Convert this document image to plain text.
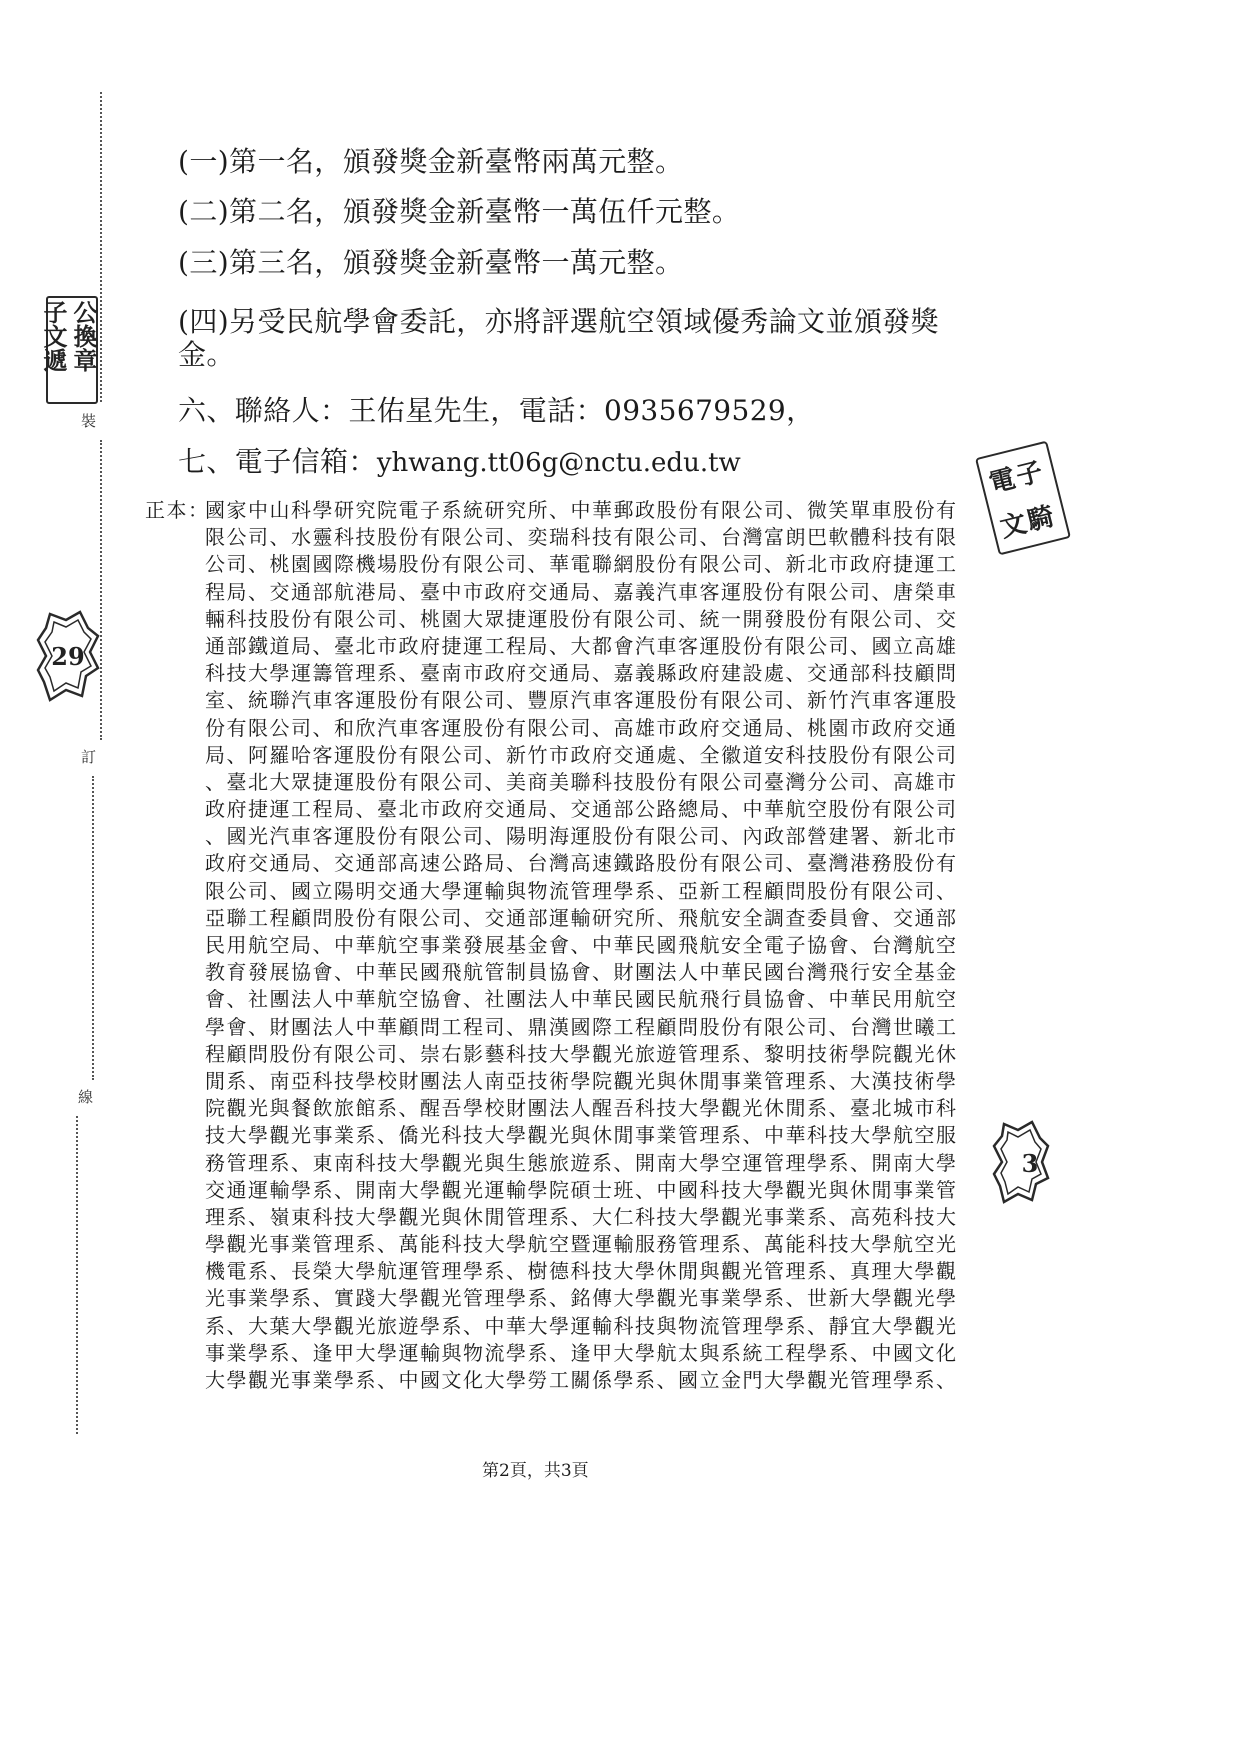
(一)第一名，頒發獎金新臺幣兩萬元整。
(二)第二名，頒發獎金新臺幣一萬伍仟元整。
(三)第三名，頒發獎金新臺幣一萬元整。
(四)另受民航學會委託，亦將評選航空領域優秀論文並頒發獎
金。
六、聯絡人：王佑星先生，電話：0935679529，
七、電子信箱：yhwang.tt06g@nctu.edu.tw
正本：
國家中山科學研究院電子系統研究所、中華郵政股份有限公司、微笑單車股份有
限公司、水靈科技股份有限公司、奕瑞科技有限公司、台灣富朗巴軟體科技有限
公司、桃園國際機場股份有限公司、華電聯網股份有限公司、新北市政府捷運工
程局、交通部航港局、臺中市政府交通局、嘉義汽車客運股份有限公司、唐榮車
輛科技股份有限公司、桃園大眾捷運股份有限公司、統一開發股份有限公司、交
通部鐵道局、臺北市政府捷運工程局、大都會汽車客運股份有限公司、國立高雄
科技大學運籌管理系、臺南市政府交通局、嘉義縣政府建設處、交通部科技顧問
室、統聯汽車客運股份有限公司、豐原汽車客運股份有限公司、新竹汽車客運股
份有限公司、和欣汽車客運股份有限公司、高雄市政府交通局、桃園市政府交通
局、阿羅哈客運股份有限公司、新竹市政府交通處、全徽道安科技股份有限公司
、臺北大眾捷運股份有限公司、美商美聯科技股份有限公司臺灣分公司、高雄市
政府捷運工程局、臺北市政府交通局、交通部公路總局、中華航空股份有限公司
、國光汽車客運股份有限公司、陽明海運股份有限公司、內政部營建署、新北市
政府交通局、交通部高速公路局、台灣高速鐵路股份有限公司、臺灣港務股份有
限公司、國立陽明交通大學運輸與物流管理學系、亞新工程顧問股份有限公司、
亞聯工程顧問股份有限公司、交通部運輸研究所、飛航安全調查委員會、交通部
民用航空局、中華航空事業發展基金會、中華民國飛航安全電子協會、台灣航空
教育發展協會、中華民國飛航管制員協會、財團法人中華民國台灣飛行安全基金
會、社團法人中華航空協會、社團法人中華民國民航飛行員協會、中華民用航空
學會、財團法人中華顧問工程司、鼎漢國際工程顧問股份有限公司、台灣世曦工
程顧問股份有限公司、崇右影藝科技大學觀光旅遊管理系、黎明技術學院觀光休
閒系、南亞科技學校財團法人南亞技術學院觀光與休閒事業管理系、大漢技術學
院觀光與餐飲旅館系、醒吾學校財團法人醒吾科技大學觀光休閒系、臺北城市科
技大學觀光事業系、僑光科技大學觀光與休閒事業管理系、中華科技大學航空服
務管理系、東南科技大學觀光與生態旅遊系、開南大學空運管理學系、開南大學
交通運輸學系、開南大學觀光運輸學院碩士班、中國科技大學觀光與休閒事業管
理系、嶺東科技大學觀光與休閒管理系、大仁科技大學觀光事業系、高苑科技大
學觀光事業管理系、萬能科技大學航空暨運輸服務管理系、萬能科技大學航空光
機電系、長榮大學航運管理學系、樹德科技大學休閒與觀光管理系、真理大學觀
光事業學系、實踐大學觀光管理學系、銘傳大學觀光事業學系、世新大學觀光學
系、大葉大學觀光旅遊學系、中華大學運輸科技與物流管理學系、靜宜大學觀光
事業學系、逢甲大學運輸與物流學系、逢甲大學航太與系統工程學系、中國文化
大學觀光事業學系、中國文化大學勞工關係學系、國立金門大學觀光管理學系、
第2頁，共3頁
裝
訂
線
公換章
子文遞
電子
文騎
29
3
